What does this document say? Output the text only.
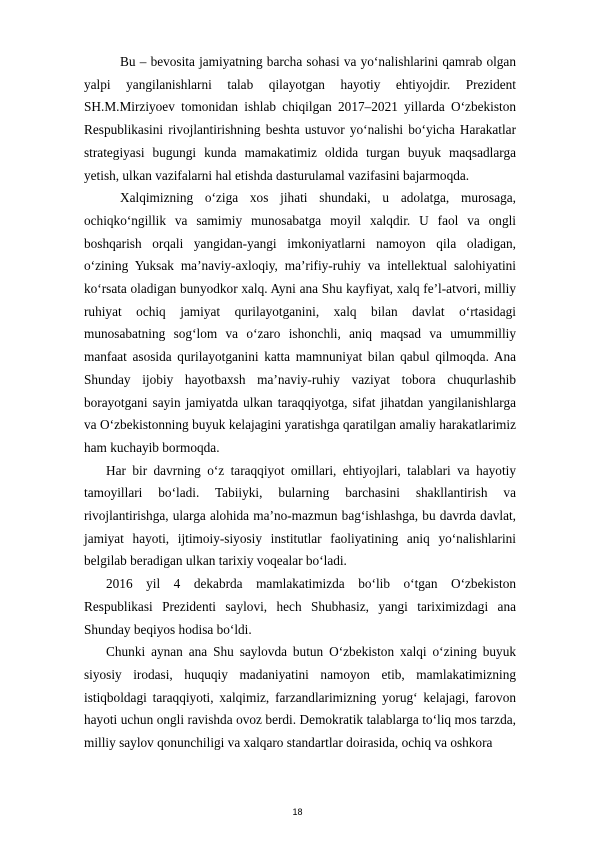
Bu – bevosita jamiyatning barcha sohasi va yo‘nalishlarini qamrab olgan yalpi yangilanishlarni talab qilayotgan hayotiy ehtiyojdir. Prezident SH.M.Mirziyoev tomonidan ishlab chiqilgan 2017–2021 yillarda O‘zbekiston Respublikasini rivojlantirishning beshta ustuvor yo‘nalishi bo‘yicha Harakatlar strategiyasi bugungi kunda mamakatimiz oldida turgan buyuk maqsadlarga yetish, ulkan vazifalarni hal etishda dasturulamal vazifasini bajarmoqda.

Xalqimizning o‘ziga xos jihati shundaki, u adolatga, murosaga, ochiqko‘ngillik va samimiy munosabatga moyil xalqdir. U faol va ongli boshqarish orqali yangidan-yangi imkoniyatlarni namoyon qila oladigan, o‘zining Yuksak ma’naviy-axloqiy, ma’rifiy-ruhiy va intellektual salohiyatini ko‘rsata oladigan bunyodkor xalq. Ayni ana Shu kayfiyat, xalq fe’l-atvori, milliy ruhiyat ochiq jamiyat qurilayotganini, xalq bilan davlat o‘rtasidagi munosabatning sog‘lom va o‘zaro ishonchli, aniq maqsad va umummilliy manfaat asosida qurilayotganini katta mamnuniyat bilan qabul qilmoqda. Ana Shunday ijobiy hayotbaxsh ma’naviy-ruhiy vaziyat tobora chuqurlashib borayotgani sayin jamiyatda ulkan taraqqiyotga, sifat jihatdan yangilanishlarga va O‘zbekistonning buyuk kelajagini yaratishga qaratilgan amaliy harakatlarimiz ham kuchayib bormoqda.

Har bir davrning o‘z taraqqiyot omillari, ehtiyojlari, talablari va hayotiy tamoyillari bo‘ladi. Tabiiyki, bularning barchasini shakllantirish va rivojlantirishga, ularga alohida ma’no-mazmun bag‘ishlashga, bu davrda davlat, jamiyat hayoti, ijtimoiy-siyosiy institutlar faoliyatining aniq yo‘nalishlarini belgilab beradigan ulkan tarixiy voqealar bo‘ladi.

2016 yil 4 dekabrda mamlakatimizda bo‘lib o‘tgan O‘zbekiston Respublikasi Prezidenti saylovi, hech Shubhasiz, yangi tariximizdagi ana Shunday beqiyos hodisa bo‘ldi.

Chunki aynan ana Shu saylovda butun O‘zbekiston xalqi o‘zining buyuk siyosiy irodasi, huquqiy madaniyatini namoyon etib, mamlakatimizning istiqboldagi taraqqiyoti, xalqimiz, farzandlarimizning yorug‘ kelajagi, farovon hayoti uchun ongli ravishda ovoz berdi. Demokratik talablarga to‘liq mos tarzda, milliy saylov qonunchiligi va xalqaro standartlar doirasida, ochiq va oshkora

18
